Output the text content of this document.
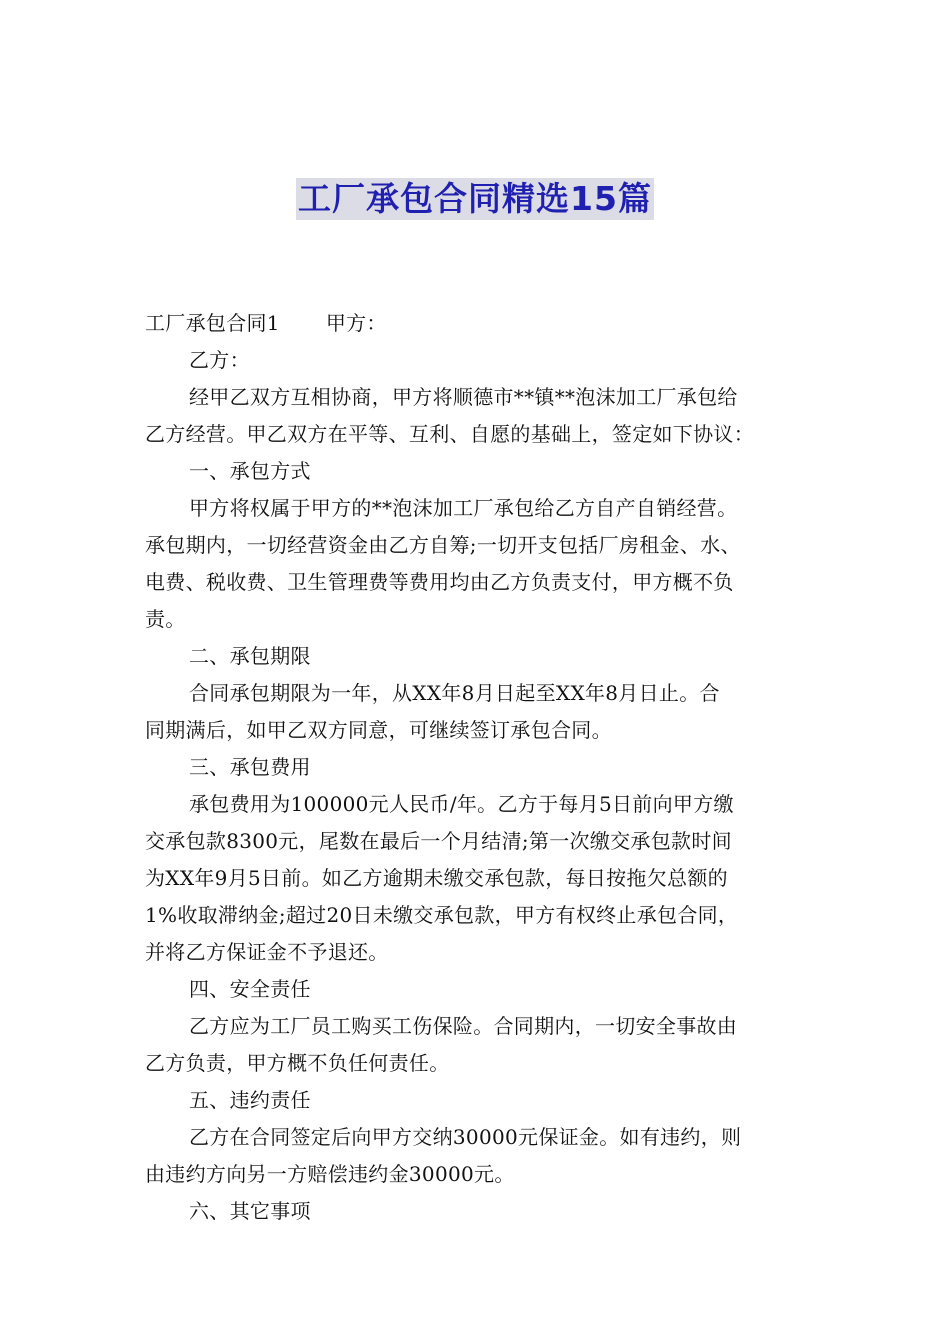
工厂承包合同精选15篇
工厂承包合同1 甲方：
乙方：
经甲乙双方互相协商，甲方将顺德市**镇**泡沫加工厂承包给
乙方经营。甲乙双方在平等、互利、自愿的基础上，签定如下协议：
一、承包方式
甲方将权属于甲方的**泡沫加工厂承包给乙方自产自销经营。
承包期内，一切经营资金由乙方自筹;一切开支包括厂房租金、水、
电费、税收费、卫生管理费等费用均由乙方负责支付，甲方概不负
责。
二、承包期限
合同承包期限为一年，从XX年8月日起至XX年8月日止。合
同期满后，如甲乙双方同意，可继续签订承包合同。
三、承包费用
承包费用为100000元人民币/年。乙方于每月5日前向甲方缴
交承包款8300元，尾数在最后一个月结清;第一次缴交承包款时间
为XX年9月5日前。如乙方逾期未缴交承包款，每日按拖欠总额的
1%收取滞纳金;超过20日未缴交承包款，甲方有权终止承包合同，
并将乙方保证金不予退还。
四、安全责任
乙方应为工厂员工购买工伤保险。合同期内，一切安全事故由
乙方负责，甲方概不负任何责任。
五、违约责任
乙方在合同签定后向甲方交纳30000元保证金。如有违约，则
由违约方向另一方赔偿违约金30000元。
六、其它事项
